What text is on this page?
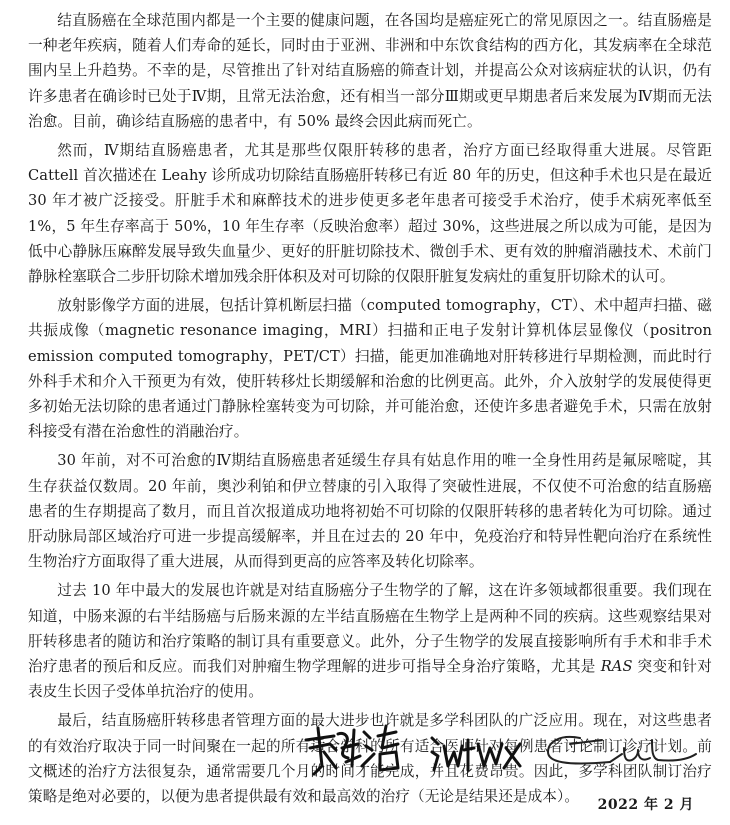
结直肠癌在全球范围内都是一个主要的健康问题，在各国均是癌症死亡的常见原因之一。结直肠癌是一种老年疾病，随着人们寿命的延长，同时由于亚洲、非洲和中东饮食结构的西方化，其发病率在全球范围内呈上升趋势。不幸的是，尽管推出了针对结直肠癌的筛查计划，并提高公众对该病症状的认识，仍有许多患者在确诊时已处于Ⅳ期，且常无法治愈，还有相当一部分Ⅲ期或更早期患者后来发展为Ⅳ期而无法治愈。目前，确诊结直肠癌的患者中，有 50% 最终会因此病而死亡。

然而，Ⅳ期结直肠癌患者，尤其是那些仅限肝转移的患者，治疗方面已经取得重大进展。尽管距 Cattell 首次描述在 Leahy 诊所成功切除结直肠癌肝转移已有近 80 年的历史，但这种手术也只是在最近 30 年才被广泛接受。肝脏手术和麻醉技术的进步使更多老年患者可接受手术治疗，使手术病死率低至 1%，5 年生存率高于 50%，10 年生存率（反映治愈率）超过 30%，这些进展之所以成为可能，是因为低中心静脉压麻醉发展导致失血量少、更好的肝脏切除技术、微创手术、更有效的肿瘤消融技术、术前门静脉栓塞联合二步肝切除术增加残余肝体积及对可切除的仅限肝脏复发病灶的重复肝切除术的认可。

放射影像学方面的进展，包括计算机断层扫描（computed tomography，CT）、术中超声扫描、磁共振成像（magnetic resonance imaging，MRI）扫描和正电子发射计算机体层显像仪（positron emission computed tomography，PET/CT）扫描，能更加准确地对肝转移进行早期检测，而此时行外科手术和介入干预更为有效，使肝转移灶长期缓解和治愈的比例更高。此外，介入放射学的发展使得更多初始无法切除的患者通过门静脉栓塞转变为可切除，并可能治愈，还使许多患者避免手术，只需在放射科接受有潜在治愈性的消融治疗。

30 年前，对不可治愈的Ⅳ期结直肠癌患者延缓生存具有姑息作用的唯一全身性用药是氟尿嘧啶，其生存获益仅数周。20 年前，奥沙利铂和伊立替康的引入取得了突破性进展，不仅使不可治愈的结直肠癌患者的生存期提高了数月，而且首次报道成功地将初始不可切除的仅限肝转移的患者转化为可切除。通过肝动脉局部区域治疗可进一步提高缓解率，并且在过去的 20 年中，免疫治疗和特异性靶向治疗在系统性生物治疗方面取得了重大进展，从而得到更高的应答率及转化切除率。

过去 10 年中最大的发展也许就是对结直肠癌分子生物学的了解，这在许多领域都很重要。我们现在知道，中肠来源的右半结肠癌与后肠来源的左半结直肠癌在生物学上是两种不同的疾病。这些观察结果对肝转移患者的随访和治疗策略的制订具有重要意义。此外，分子生物学的发展直接影响所有手术和非手术治疗患者的预后和反应。而我们对肿瘤生物学理解的进步可指导全身治疗策略，尤其是 RAS 突变和针对表皮生长因子受体单抗治疗的使用。

最后，结直肠癌肝转移患者管理方面的最大进步也许就是多学科团队的广泛应用。现在，对这些患者的有效治疗取决于同一时间聚在一起的所有适合学科的所有适合医师针对每例患者讨论制订诊疗计划。前文概述的治疗方法很复杂，通常需要几个月的时间才能完成，并且花费昂贵。因此，多学科团队制订治疗策略是绝对必要的，以便为患者提供最有效和最高效的治疗（无论是结果还是成本）。	2022 年 2 月
